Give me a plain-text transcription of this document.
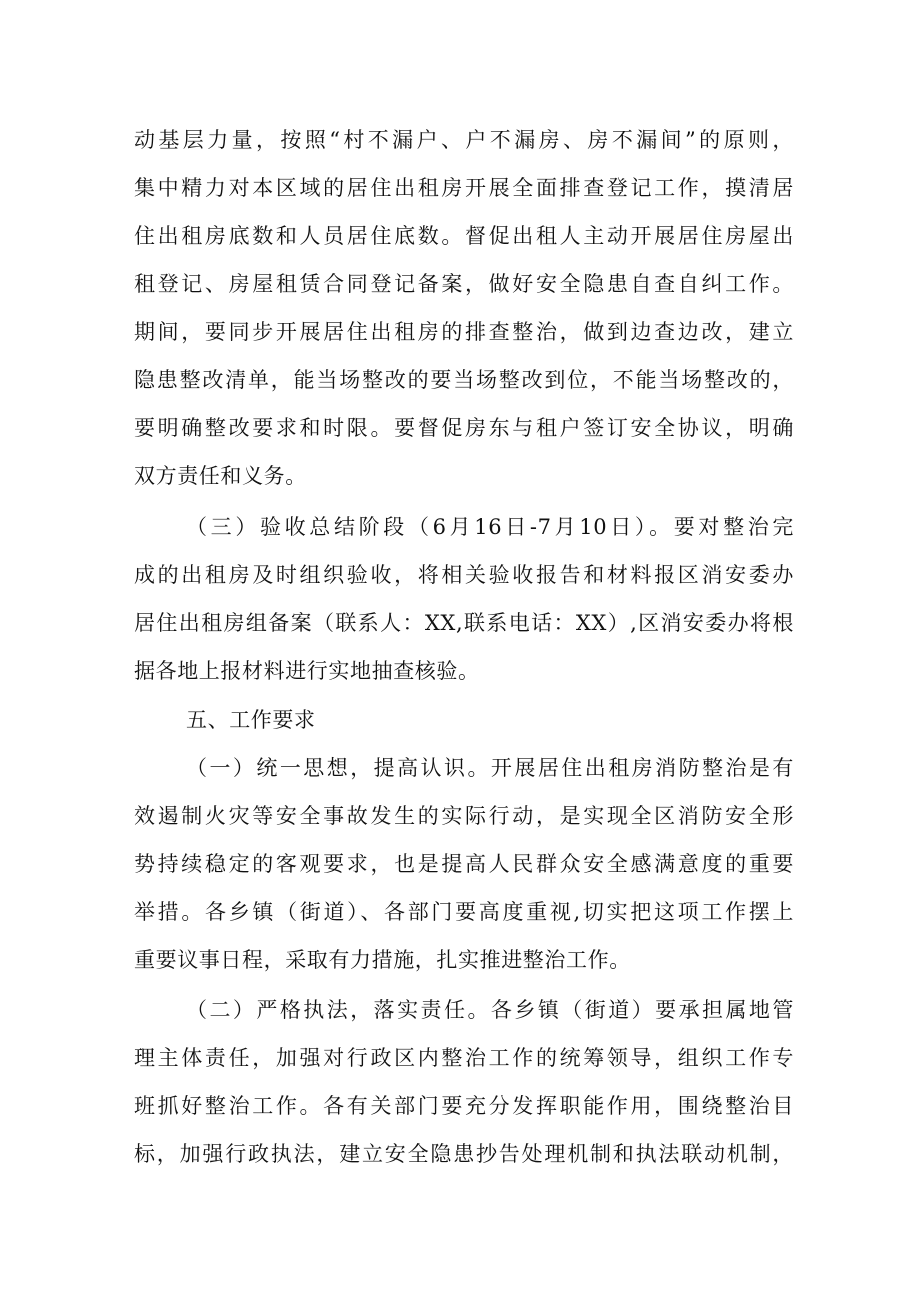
动基层力量，按照“村不漏户、户不漏房、房不漏间”的原则，
集中精力对本区域的居住出租房开展全面排查登记工作，摸清居
住出租房底数和人员居住底数。督促出租人主动开展居住房屋出
租登记、房屋租赁合同登记备案，做好安全隐患自查自纠工作。
期间，要同步开展居住出租房的排查整治，做到边查边改，建立
隐患整改清单，能当场整改的要当场整改到位，不能当场整改的，
要明确整改要求和时限。要督促房东与租户签订安全协议，明确
双方责任和义务。
（三）验收总结阶段（6月16日-7月10日）。要对整治完
成的出租房及时组织验收，将相关验收报告和材料报区消安委办
居住出租房组备案（联系人：XX,联系电话：XX）,区消安委办将根
据各地上报材料进行实地抽查核验。
五、工作要求
（一）统一思想，提高认识。开展居住出租房消防整治是有
效遏制火灾等安全事故发生的实际行动，是实现全区消防安全形
势持续稳定的客观要求，也是提高人民群众安全感满意度的重要
举措。各乡镇（街道）、各部门要高度重视,切实把这项工作摆上
重要议事日程，采取有力措施，扎实推进整治工作。
（二）严格执法，落实责任。各乡镇（街道）要承担属地管
理主体责任，加强对行政区内整治工作的统筹领导，组织工作专
班抓好整治工作。各有关部门要充分发挥职能作用，围绕整治目
标，加强行政执法，建立安全隐患抄告处理机制和执法联动机制，
